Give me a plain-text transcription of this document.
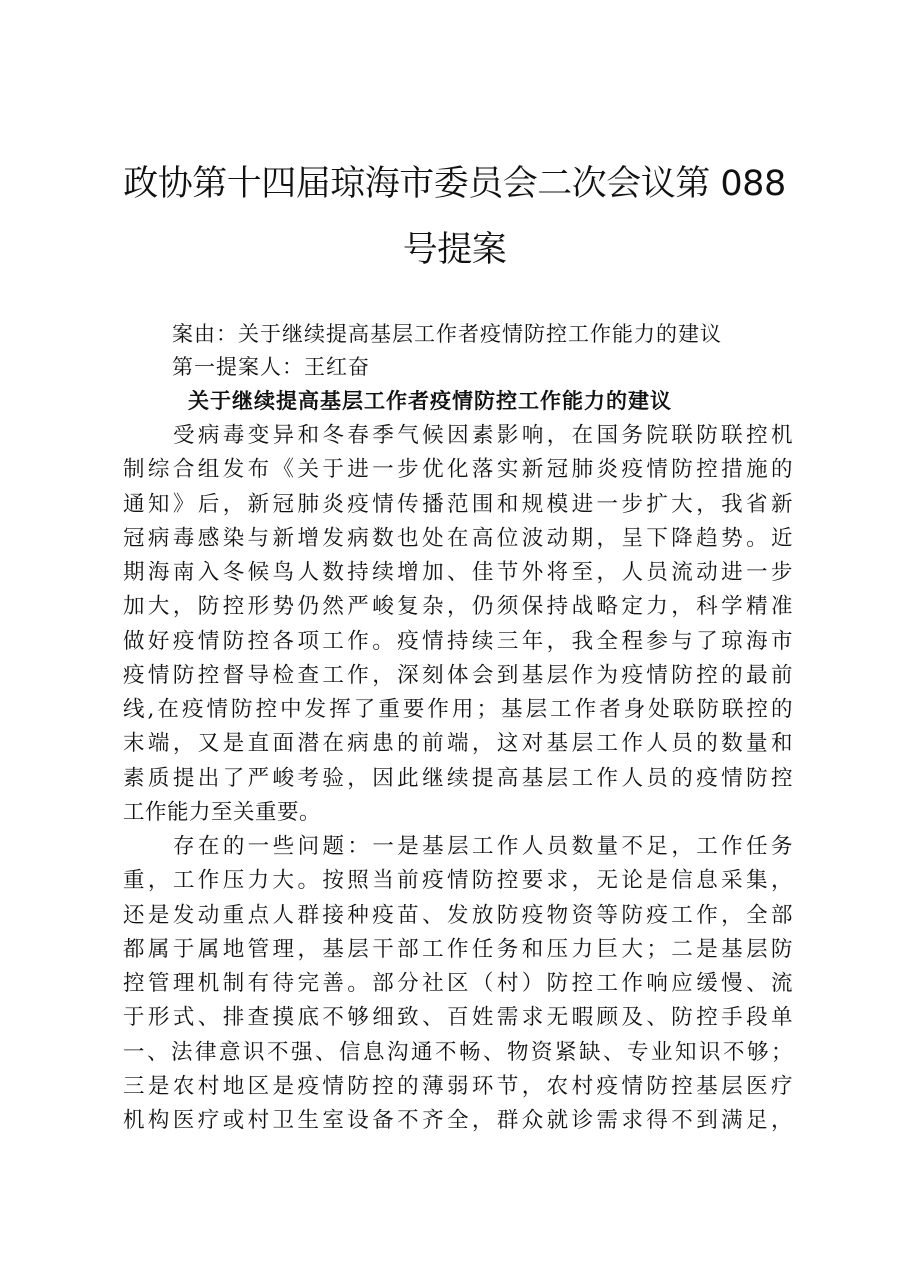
政协第十四届琼海市委员会二次会议第 088
号提案
案由：关于继续提高基层工作者疫情防控工作能力的建议
第一提案人：王红奋
关于继续提高基层工作者疫情防控工作能力的建议
受病毒变异和冬春季气候因素影响，在国务院联防联控机
制综合组发布《关于进一步优化落实新冠肺炎疫情防控措施的
通知》后，新冠肺炎疫情传播范围和规模进一步扩大，我省新
冠病毒感染与新增发病数也处在高位波动期，呈下降趋势。近
期海南入冬候鸟人数持续增加、佳节外将至，人员流动进一步
加大，防控形势仍然严峻复杂，仍须保持战略定力，科学精准
做好疫情防控各项工作。疫情持续三年，我全程参与了琼海市
疫情防控督导检查工作，深刻体会到基层作为疫情防控的最前
线,在疫情防控中发挥了重要作用；基层工作者身处联防联控的
末端，又是直面潜在病患的前端，这对基层工作人员的数量和
素质提出了严峻考验，因此继续提高基层工作人员的疫情防控
工作能力至关重要。
存在的一些问题：一是基层工作人员数量不足，工作任务
重，工作压力大。按照当前疫情防控要求，无论是信息采集，
还是发动重点人群接种疫苗、发放防疫物资等防疫工作，全部
都属于属地管理，基层干部工作任务和压力巨大；二是基层防
控管理机制有待完善。部分社区（村）防控工作响应缓慢、流
于形式、排查摸底不够细致、百姓需求无暇顾及、防控手段单
一、法律意识不强、信息沟通不畅、物资紧缺、专业知识不够；
三是农村地区是疫情防控的薄弱环节，农村疫情防控基层医疗
机构医疗或村卫生室设备不齐全，群众就诊需求得不到满足，
